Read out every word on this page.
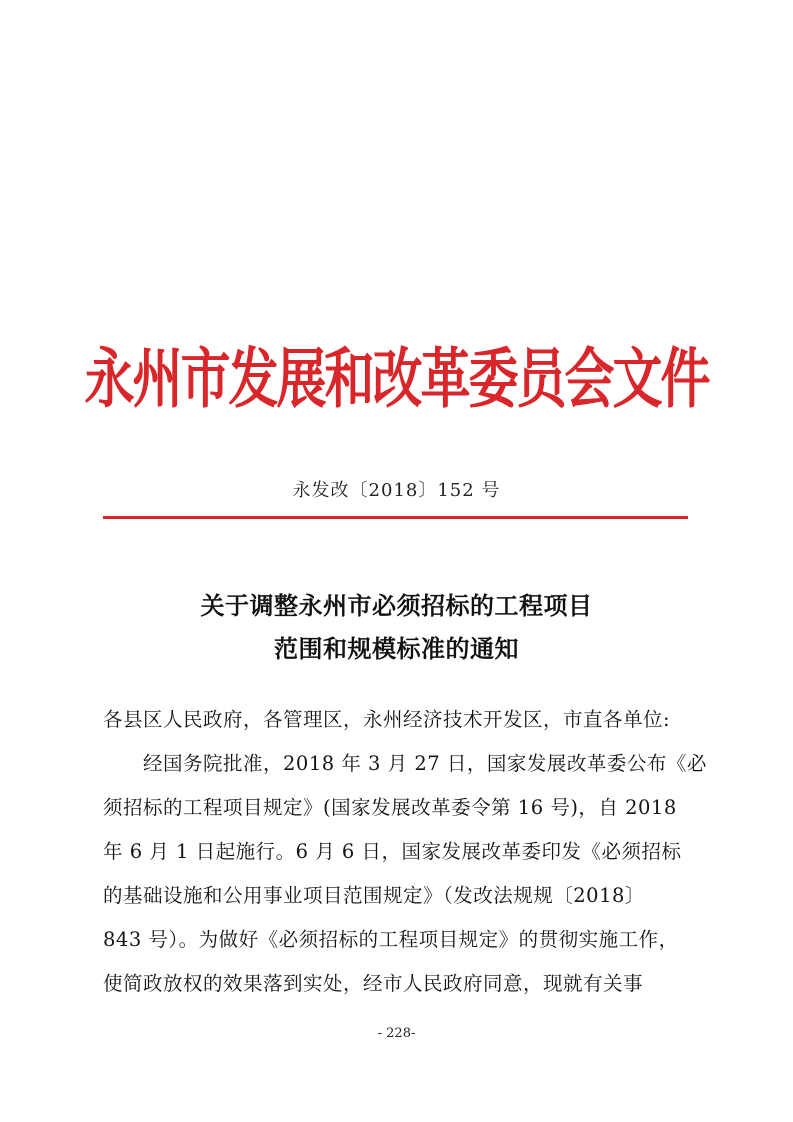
永州市发展和改革委员会文件
永发改〔2018〕152 号
关于调整永州市必须招标的工程项目
范围和规模标准的通知
各县区人民政府，各管理区，永州经济技术开发区，市直各单位:
　　经国务院批准，2018 年 3 月 27 日，国家发展改革委公布《必
须招标的工程项目规定》(国家发展改革委令第 16 号)，自 2018
年 6 月 1 日起施行。6 月 6 日，国家发展改革委印发《必须招标
的基础设施和公用事业项目范围规定》（发改法规规〔2018〕
843 号）。为做好《必须招标的工程项目规定》的贯彻实施工作，
使简政放权的效果落到实处，经市人民政府同意，现就有关事
- 228-
